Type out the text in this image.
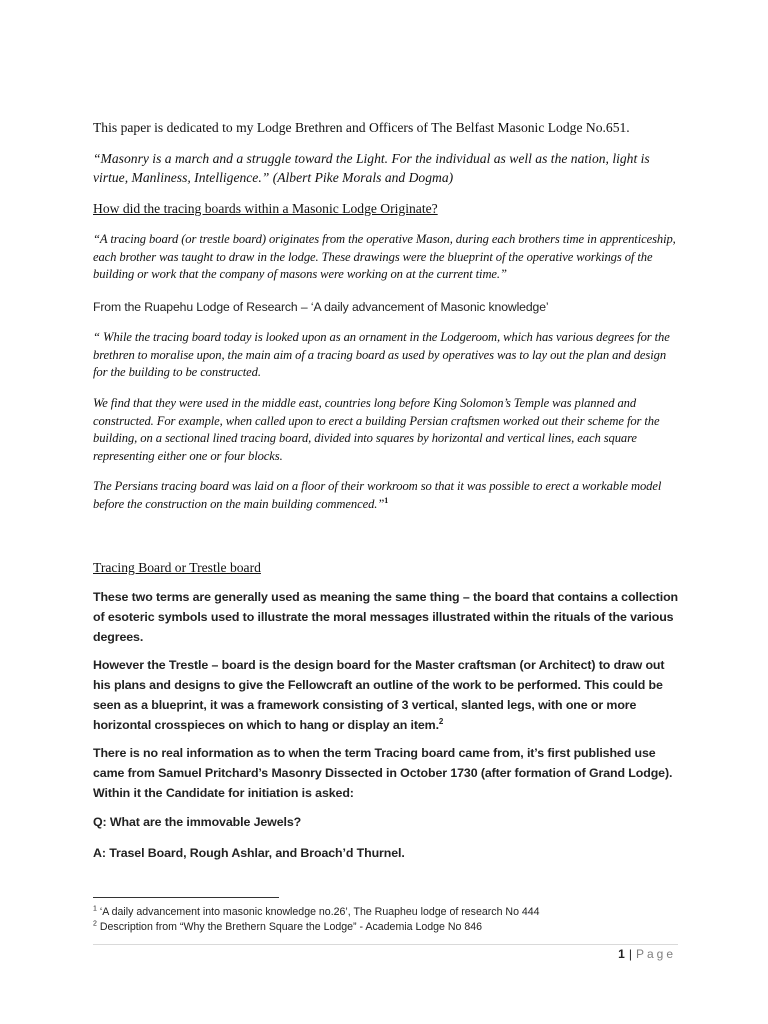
This paper is dedicated to my Lodge Brethren and Officers of The Belfast Masonic Lodge No.651.

“Masonry is a march and a struggle toward the Light. For the individual as well as the nation, light is virtue, Manliness, Intelligence.” (Albert Pike Morals and Dogma)

How did the tracing boards within a Masonic Lodge Originate?

“A tracing board (or trestle board) originates from the operative Mason, during each brothers time in apprenticeship, each brother was taught to draw in the lodge. These drawings were the blueprint of the operative workings of the building or work that the company of masons were working on at the current time.”

From the Ruapehu Lodge of Research – ‘A daily advancement of Masonic knowledge’

“ While the tracing board today is looked upon as an ornament in the Lodgeroom, which has various degrees for the brethren to moralise upon, the main aim of a tracing board as used by operatives was to lay out the plan and design for the building to be constructed.

We find that they were used in the middle east, countries long before King Solomon’s Temple was planned and constructed. For example, when called upon to erect a building Persian craftsmen worked out their scheme for the building, on a sectional lined tracing board, divided into squares by horizontal and vertical lines, each square representing either one or four blocks.

The Persians tracing board was laid on a floor of their workroom so that it was possible to erect a workable model before the construction on the main building commenced.”$^1$

Tracing Board or Trestle board

These two terms are generally used as meaning the same thing – the board that contains a collection of esoteric symbols used to illustrate the moral messages illustrated within the rituals of the various degrees.

However the Trestle – board is the design board for the Master craftsman (or Architect) to draw out his plans and designs to give the Fellowcraft an outline of the work to be performed. This could be seen as a blueprint, it was a framework consisting of 3 vertical, slanted legs, with one or more horizontal crosspieces on which to hang or display an item.$^2$

There is no real information as to when the term Tracing board came from, it’s first published use came from Samuel Pritchard’s Masonry Dissected in October 1730 (after formation of Grand Lodge). Within it the Candidate for initiation is asked:

Q: What are the immovable Jewels?

A: Trasel Board, Rough Ashlar, and Broach’d Thurnel.

$^1$ ‘A daily advancement into masonic knowledge no.26’, The Ruapheu lodge of research No 444
$^2$ Description from “Why the Brethern Square the Lodge” - Academia Lodge No 846
1 | Page
